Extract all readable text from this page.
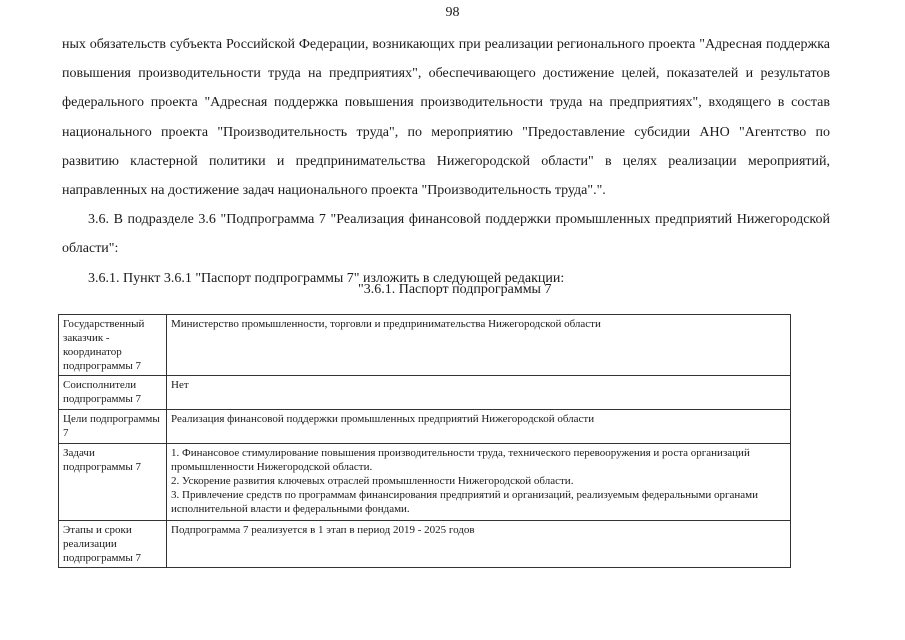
98

ных обязательств субъекта Российской Федерации, возникающих при реализации регионального проекта "Адресная поддержка повышения производительности труда на предприятиях", обеспечивающего достижение целей, показателей и результатов федерального проекта "Адресная поддержка повышения производительности труда на предприятиях", входящего в состав национального проекта "Производительность труда", по мероприятию "Предоставление субсидии АНО "Агентство по развитию кластерной политики и предпринимательства Нижегородской области" в целях реализации мероприятий, направленных на достижение задач национального проекта "Производительность труда".".

3.6. В подразделе 3.6 "Подпрограмма 7 "Реализация финансовой поддержки промышленных предприятий Нижегородской области":

3.6.1. Пункт 3.6.1 "Паспорт подпрограммы 7" изложить в следующей редакции:

"3.6.1. Паспорт подпрограммы 7
Государственный заказчик - координатор подпрограммы 7	Министерство промышленности, торговли и предпринимательства Нижегородской области

Соисполнители подпрограммы 7	Нет

Цели подпрограммы 7	Реализация финансовой поддержки промышленных предприятий Нижегородской области

Задачи подпрограммы 7	1. Финансовое стимулирование повышения производительности труда, технического перевооружения и роста организаций промышленности Нижегородской области.

2. Ускорение развития ключевых отраслей промышленности Нижегородской области.

3. Привлечение средств по программам финансирования предприятий и организаций, реализуемым федеральными органами исполнительной власти и федеральными фондами.

Этапы и сроки реализации подпрограммы 7	Подпрограмма 7 реализуется в 1 этап в период 2019 - 2025 годов
